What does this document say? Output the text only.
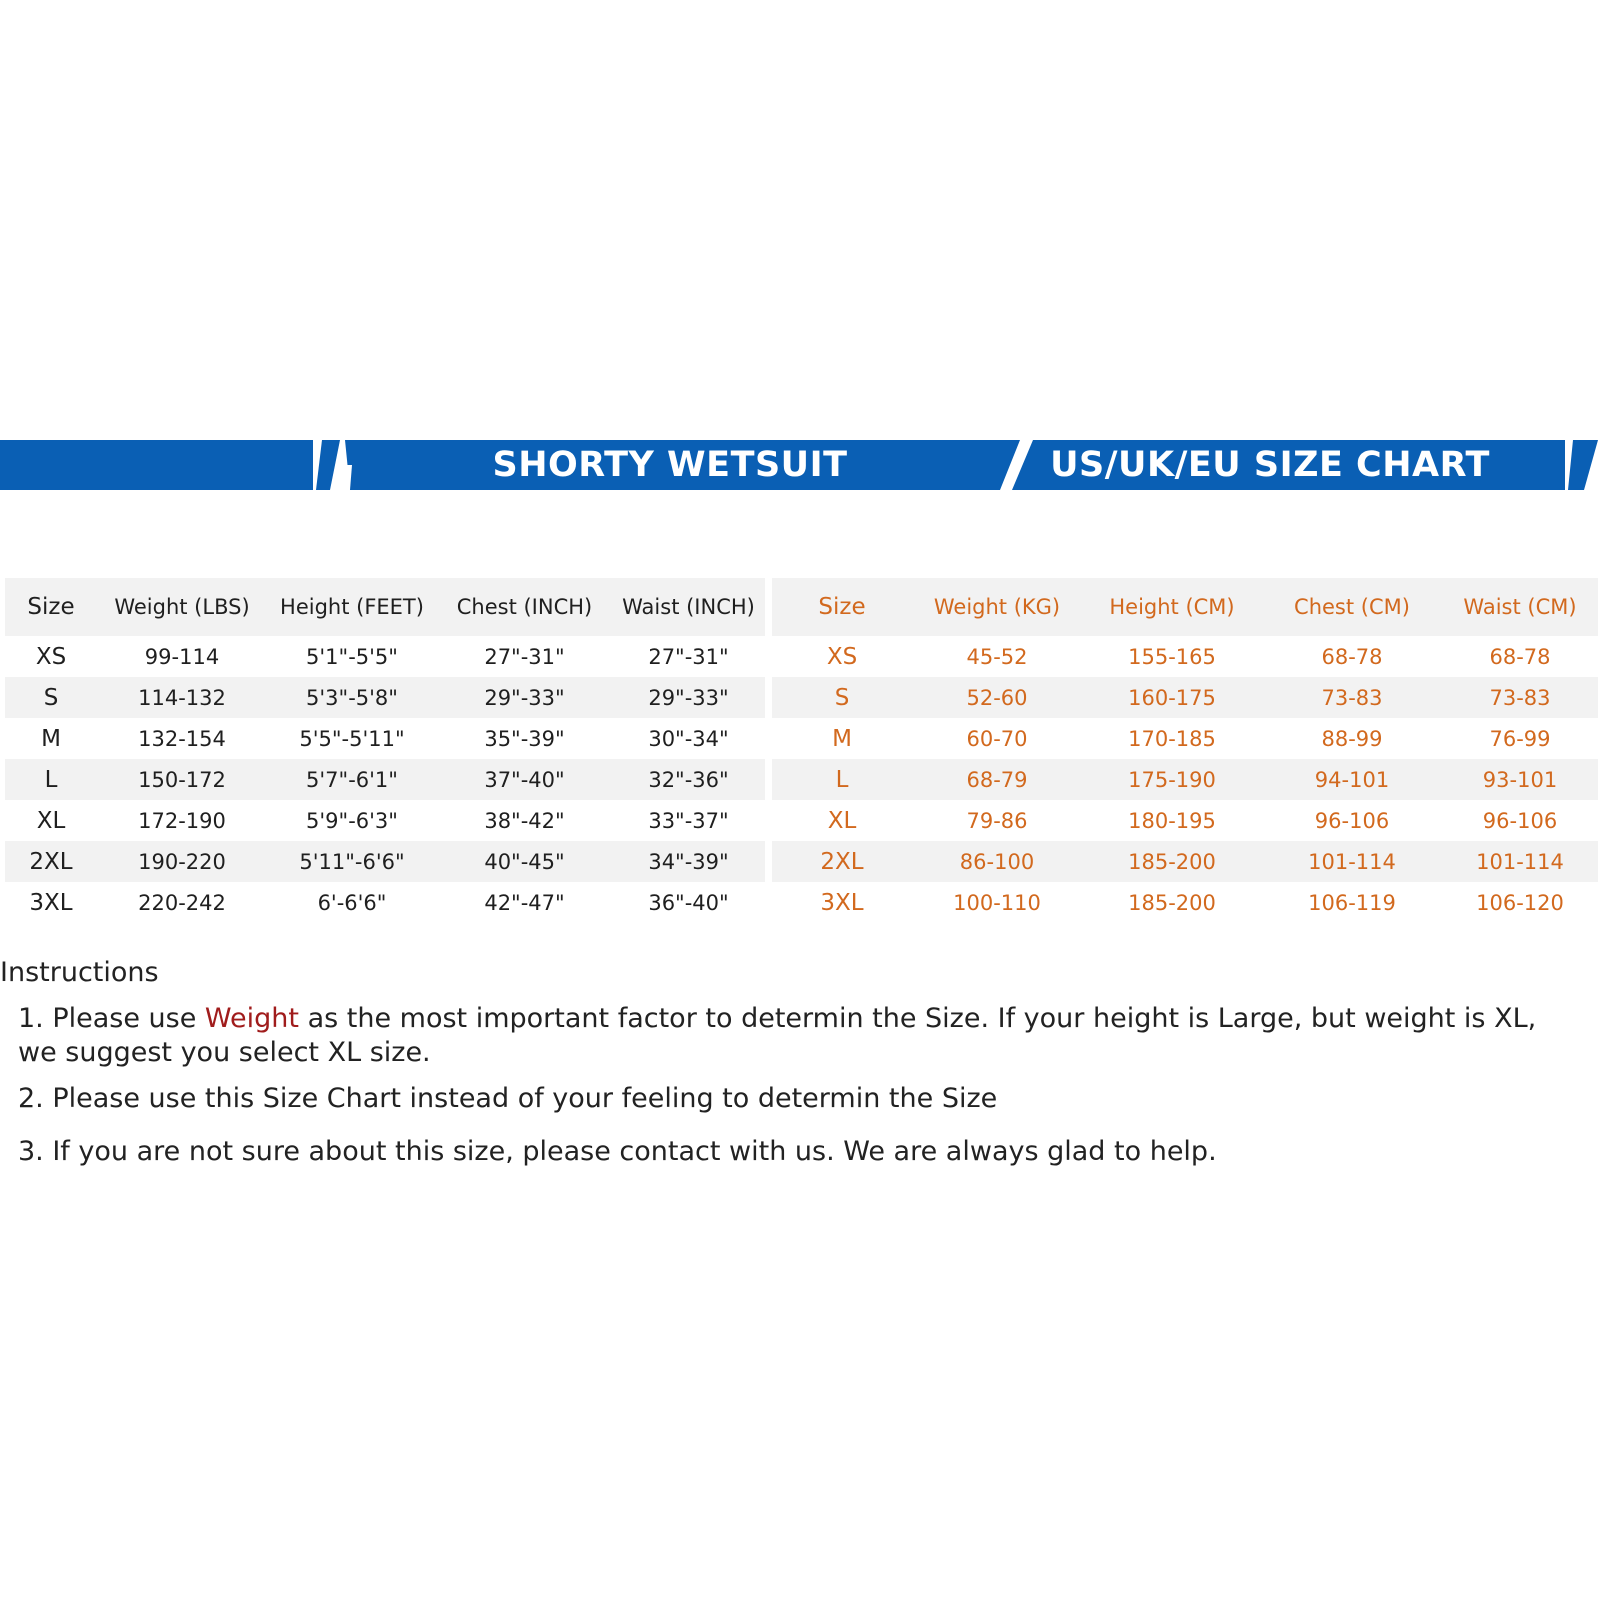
SHORTY WETSUIT	US/UK/EU SIZE CHART
Size	Weight (LBS)	Height (FEET)	Chest (INCH)	Waist (INCH)
XS	99-114	5'1"-5'5"	27"-31"	27"-31"
S	114-132	5'3"-5'8"	29"-33"	29"-33"
M	132-154	5'5"-5'11"	35"-39"	30"-34"
L	150-172	5'7"-6'1"	37"-40"	32"-36"
XL	172-190	5'9"-6'3"	38"-42"	33"-37"
2XL	190-220	5'11"-6'6"	40"-45"	34"-39"
3XL	220-242	6'-6'6"	42"-47"	36"-40"
Size	Weight (KG)	Height (CM)	Chest (CM)	Waist (CM)
XS	45-52	155-165	68-78	68-78
S	52-60	160-175	73-83	73-83
M	60-70	170-185	88-99	76-99
L	68-79	175-190	94-101	93-101
XL	79-86	180-195	96-106	96-106
2XL	86-100	185-200	101-114	101-114
3XL	100-110	185-200	106-119	106-120

Instructions

1. Please use Weight as the most important factor to determin the Size. If your height is Large, but weight is XL, we suggest you select XL size.

2. Please use this Size Chart instead of your feeling to determin the Size

3. If you are not sure about this size, please contact with us. We are always glad to help.
